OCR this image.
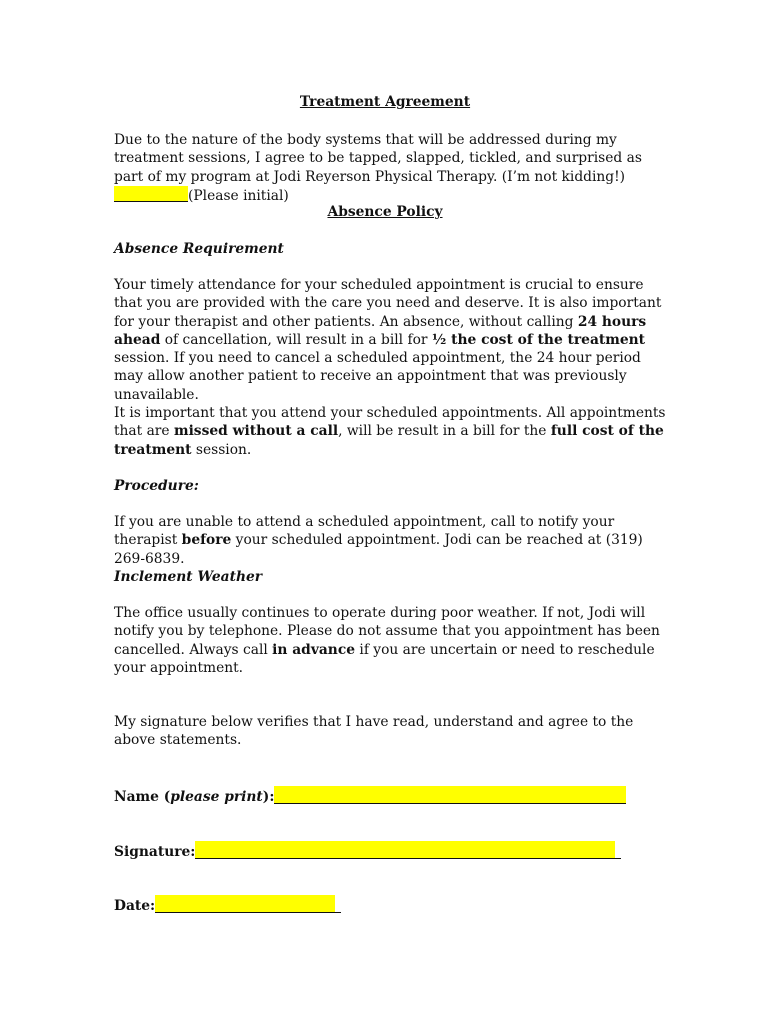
Treatment Agreement

Due to the nature of the body systems that will be addressed during my treatment sessions, I agree to be tapped, slapped, tickled, and surprised as part of my program at Jodi Reyerson Physical Therapy. (I’m not kidding!) (Please initial)

Absence Policy
Absence Requirement

Your timely attendance for your scheduled appointment is crucial to ensure that you are provided with the care you need and deserve. It is also important for your therapist and other patients. An absence, without calling 24 hours ahead of cancellation, will result in a bill for ½ the cost of the treatment session. If you need to cancel a scheduled appointment, the 24 hour period may allow another patient to receive an appointment that was previously unavailable.

It is important that you attend your scheduled appointments. All appointments that are missed without a call, will be result in a bill for the full cost of the treatment session.

Procedure:

If you are unable to attend a scheduled appointment, call to notify your therapist before your scheduled appointment. Jodi can be reached at (319) 269-6839.

Inclement Weather

The office usually continues to operate during poor weather. If not, Jodi will notify you by telephone. Please do not assume that you appointment has been cancelled. Always call in advance if you are uncertain or need to reschedule your appointment.

My signature below verifies that I have read, understand and agree to the above statements.

Name (please print):
Signature:
Date:
